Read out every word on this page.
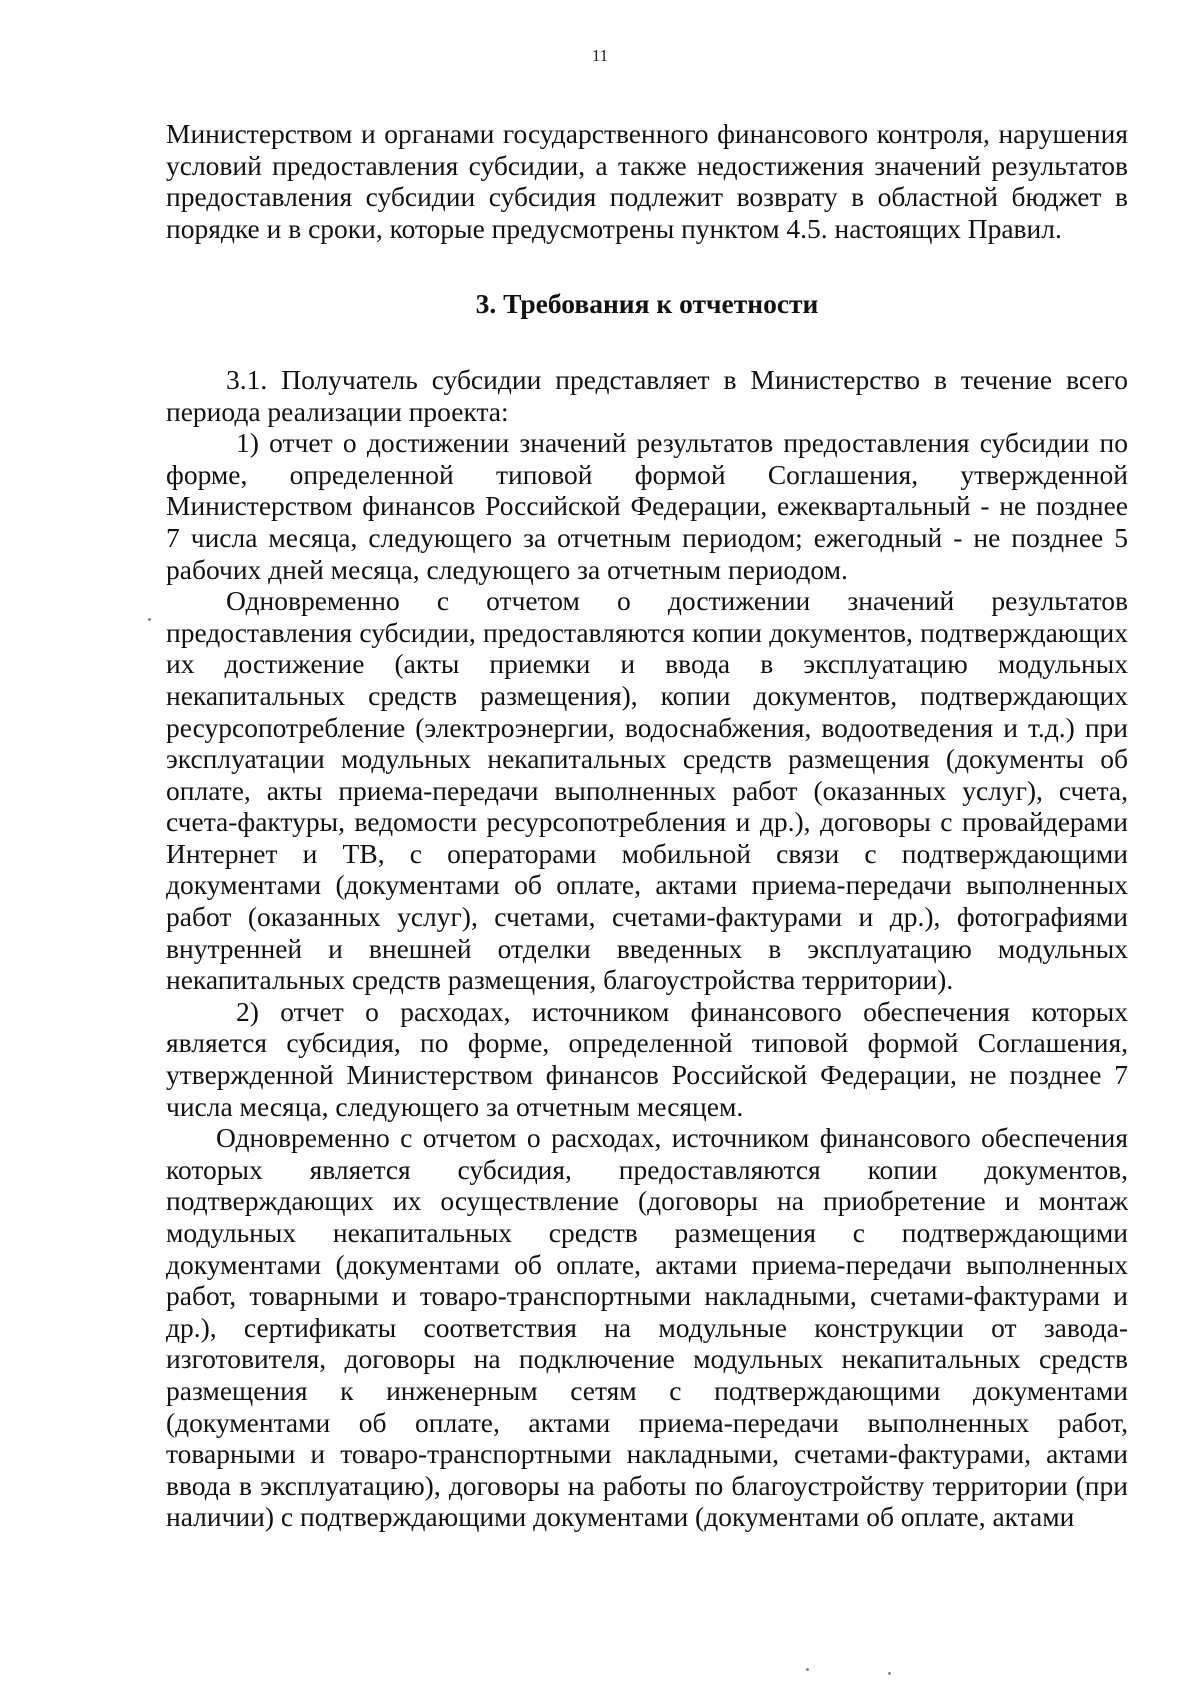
11

Министерством и органами государственного финансового контроля, нарушения условий предоставления субсидии, а также недостижения значений результатов предоставления субсидии субсидия подлежит возврату в областной бюджет в порядке и в сроки, которые предусмотрены пунктом 4.5. настоящих Правил.

3. Требования к отчетности

3.1. Получатель субсидии представляет в Министерство в течение всего периода реализации проекта:

1) отчет о достижении значений результатов предоставления субсидии по форме, определенной типовой формой Соглашения, утвержденной Министерством финансов Российской Федерации, ежеквартальный - не позднее 7 числа месяца, следующего за отчетным периодом; ежегодный - не позднее 5 рабочих дней месяца, следующего за отчетным периодом.

Одновременно с отчетом о достижении значений результатов предоставления субсидии, предоставляются копии документов, подтверждающих их достижение (акты приемки и ввода в эксплуатацию модульных некапитальных средств размещения), копии документов, подтверждающих ресурсопотребление (электроэнергии, водоснабжения, водоотведения и т.д.) при эксплуатации модульных некапитальных средств размещения (документы об оплате, акты приема-передачи выполненных работ (оказанных услуг), счета, счета-фактуры, ведомости ресурсопотребления и др.), договоры с провайдерами Интернет и ТВ, с операторами мобильной связи с подтверждающими документами (документами об оплате, актами приема-передачи выполненных работ (оказанных услуг), счетами, счетами-фактурами и др.), фотографиями внутренней и внешней отделки введенных в эксплуатацию модульных некапитальных средств размещения, благоустройства территории).

2) отчет о расходах, источником финансового обеспечения которых является субсидия, по форме, определенной типовой формой Соглашения, утвержденной Министерством финансов Российской Федерации, не позднее 7 числа месяца, следующего за отчетным месяцем.

Одновременно с отчетом о расходах, источником финансового обеспечения которых является субсидия, предоставляются копии документов, подтверждающих их осуществление (договоры на приобретение и монтаж модульных некапитальных средств размещения с подтверждающими документами (документами об оплате, актами приема-передачи выполненных работ, товарными и товаро-транспортными накладными, счетами-фактурами и др.), сертификаты соответствия на модульные конструкции от завода-изготовителя, договоры на подключение модульных некапитальных средств размещения к инженерным сетям с подтверждающими документами (документами об оплате, актами приема-передачи выполненных работ, товарными и товаро-транспортными накладными, счетами-фактурами, актами ввода в эксплуатацию), договоры на работы по благоустройству территории (при наличии) с подтверждающими документами (документами об оплате, актами
